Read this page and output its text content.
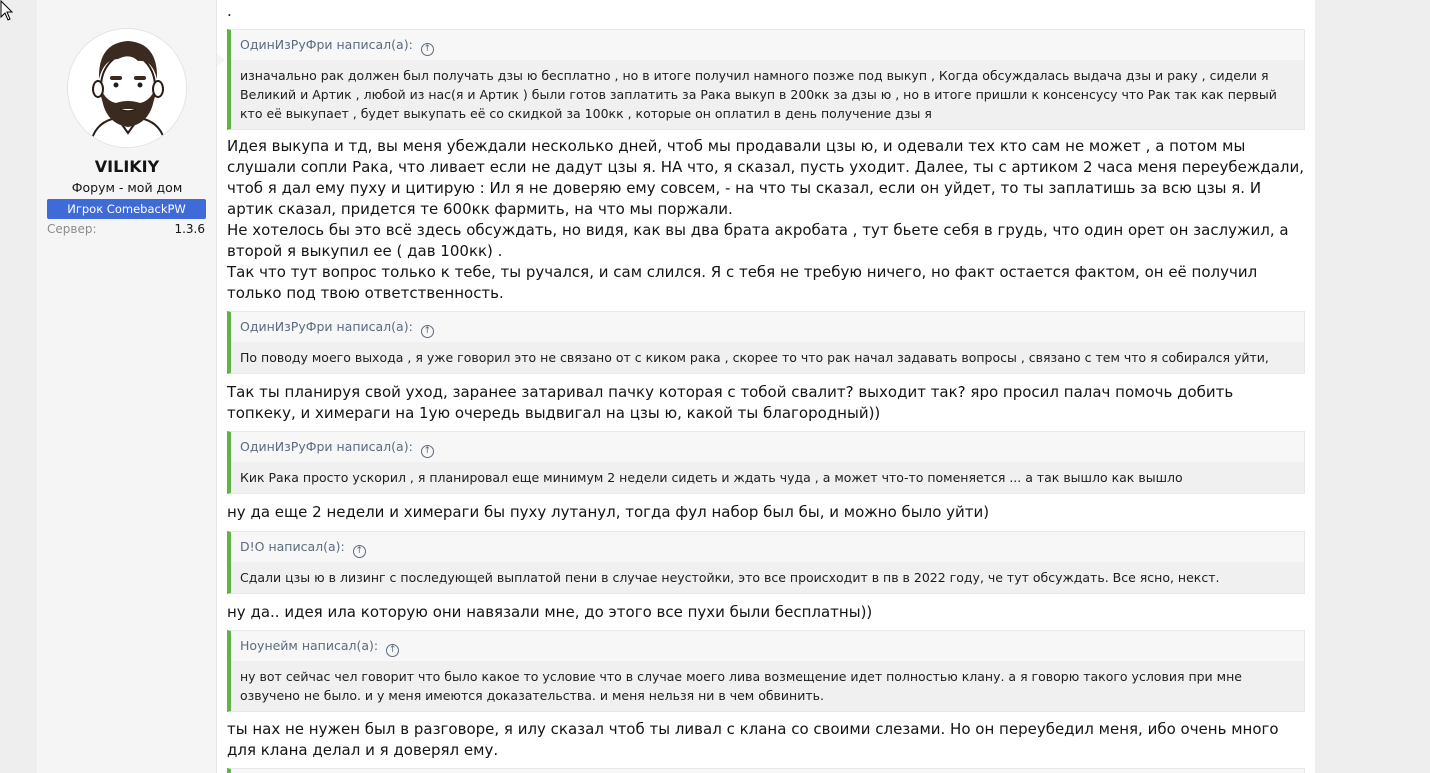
VILIKIY
Форум - мой дом
Игрок ComebackPW
Сервер:	1.3.6
.
ОдинИзРуФри написал(а): ↑
изначально рак должен был получать дзы ю бесплатно , но в итоге получил намного позже под выкуп , Когда обсуждалась выдача дзы и раку , сидели я Великий и Артик , любой из нас(я и Артик ) были готов заплатить за Рака выкуп в 200кк за дзы ю , но в итоге пришли к консенсусу что Рак так как первый кто её выкупает , будет выкупать её со скидкой за 100кк , которые он оплатил в день получение дзы я
Идея выкупа и тд, вы меня убеждали несколько дней, чтоб мы продавали цзы ю, и одевали тех кто сам не может , а потом мы слушали сопли Рака, что ливает если не дадут цзы я. НА что, я сказал, пусть уходит. Далее, ты с артиком 2 часа меня переубеждали, чтоб я дал ему пуху и цитирую : Ил я не доверяю ему совсем, - на что ты сказал, если он уйдет, то ты заплатишь за всю цзы я. И артик сказал, придется те 600кк фармить, на что мы поржали.
Не хотелось бы это всё здесь обсуждать, но видя, как вы два брата акробата , тут бьете себя в грудь, что один орет он заслужил, а второй я выкупил ее ( дав 100кк) .
Так что тут вопрос только к тебе, ты ручался, и сам слился. Я с тебя не требую ничего, но факт остается фактом, он её получил только под твою ответственность.
ОдинИзРуФри написал(а): ↑
По поводу моего выхода , я уже говорил это не связано от с киком рака , скорее то что рак начал задавать вопросы , связано с тем что я собирался уйти,
Так ты планируя свой уход, заранее затаривал пачку которая с тобой свалит? выходит так? яро просил палач помочь добить топкеку, и химераги на 1ую очередь выдвигал на цзы ю, какой ты благородный))
ОдинИзРуФри написал(а): ↑
Кик Рака просто ускорил , я планировал еще минимум 2 недели сидеть и ждать чуда , а может что-то поменяется ... а так вышло как вышло
ну да еще 2 недели и химераги бы пуху лутанул, тогда фул набор был бы, и можно было уйти)
D!O написал(а): ↑
Сдали цзы ю в лизинг с последующей выплатой пени в случае неустойки, это все происходит в пв в 2022 году, че тут обсуждать. Все ясно, некст.
ну да.. идея ила которую они навязали мне, до этого все пухи были бесплатны))
Ноунейм написал(а): ↑
ну вот сейчас чел говорит что было какое то условие что в случае моего лива возмещение идет полностью клану. а я говорю такого условия при мне озвучено не было. и у меня имеются доказательства. и меня нельзя ни в чем обвинить.
ты нах не нужен был в разговоре, я илу сказал чтоб ты ливал с клана со своими слезами. Но он переубедил меня, ибо очень много для клана делал и я доверял ему.
